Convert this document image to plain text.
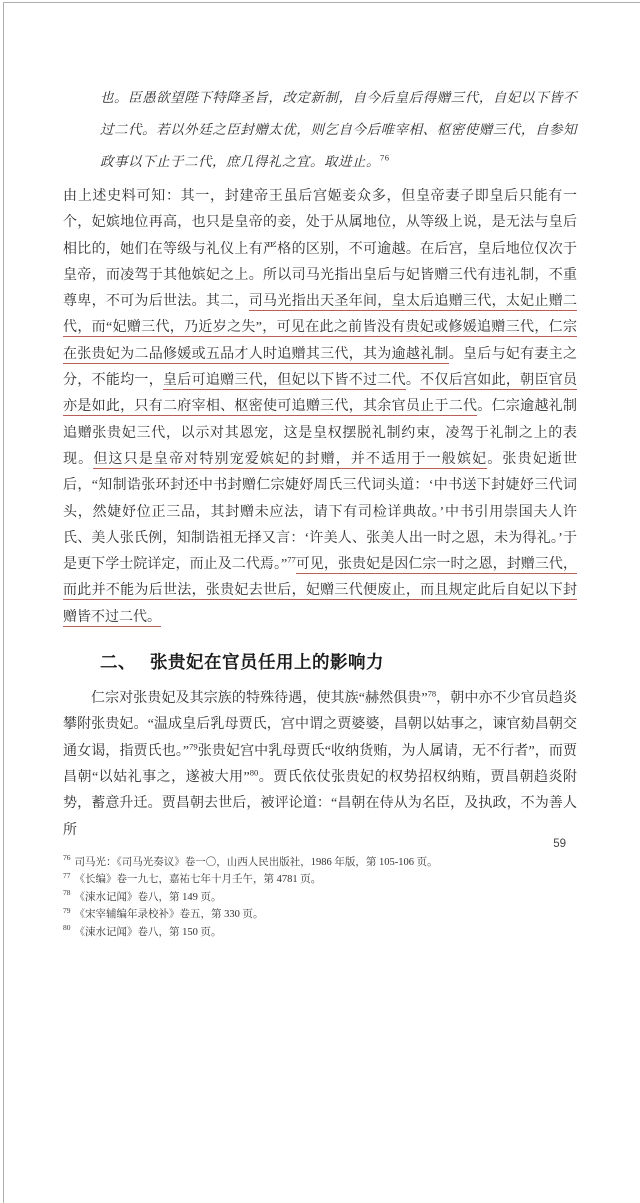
也。臣愚欲望陛下特降圣旨，改定新制，自今后皇后得赠三代，自妃以下皆不过二代。若以外廷之臣封赠太优，则乞自今后唯宰相、枢密使赠三代，自参知政事以下止于二代，庶几得礼之宜。取进止。$^{76}$

由上述史料可知：其一，封建帝王虽后宫姬妾众多，但皇帝妻子即皇后只能有一个，妃嫔地位再高，也只是皇帝的妾，处于从属地位，从等级上说，是无法与皇后相比的，她们在等级与礼仪上有严格的区别，不可逾越。在后宫，皇后地位仅次于皇帝，而凌驾于其他嫔妃之上。所以司马光指出皇后与妃皆赠三代有违礼制，不重尊卑，不可为后世法。其二，司马光指出天圣年间，皇太后追赠三代，太妃止赠二代，而“妃赠三代，乃近岁之失”，可见在此之前皆没有贵妃或修媛追赠三代，仁宗在张贵妃为二品修媛或五品才人时追赠其三代，其为逾越礼制。皇后与妃有妻主之分，不能均一，皇后可追赠三代，但妃以下皆不过二代。不仅后宫如此，朝臣官员亦是如此，只有二府宰相、枢密使可追赠三代，其余官员止于二代。仁宗逾越礼制追赠张贵妃三代，以示对其恩宠，这是皇权摆脱礼制约束，凌驾于礼制之上的表现。但这只是皇帝对特别宠爱嫔妃的封赠，并不适用于一般嫔妃。张贵妃逝世后，“知制诰张环封还中书封赠仁宗婕妤周氏三代词头道：‘中书送下封婕妤三代词头，然婕妤位正三品，其封赠未应法，请下有司检详典故。’中书引用崇国夫人许氏、美人张氏例，知制诰祖无择又言：‘许美人、张美人出一时之恩，未为得礼。’于是更下学士院详定，而止及二代焉。”$^{77}$可见，张贵妃是因仁宗一时之恩，封赠三代，而此并不能为后世法，张贵妃去世后，妃赠三代便废止，而且规定此后自妃以下封赠皆不过二代。

二、 张贵妃在官员任用上的影响力

仁宗对张贵妃及其宗族的特殊待遇，使其族“赫然俱贵”$^{78}$，朝中亦不少官员趋炎攀附张贵妃。“温成皇后乳母贾氏，宫中谓之贾婆婆，昌朝以姑事之，谏官劾昌朝交通女谒，指贾氏也。”$^{79}$张贵妃宫中乳母贾氏“收纳货贿，为人属请，无不行者”，而贾昌朝“以姑礼事之，遂被大用”$^{80}$。贾氏依仗张贵妃的权势招权纳贿，贾昌朝趋炎附势，蓄意升迁。贾昌朝去世后，被评论道：“昌朝在侍从为名臣，及执政，不为善人所

$^{76}$ 司马光：《司马光奏议》卷一〇，山西人民出版社，1986 年版，第 105-106 页。
$^{77}$ 《长编》卷一九七，嘉祐七年十月壬午，第 4781 页。
$^{78}$ 《涑水记闻》卷八，第 149 页。
$^{79}$ 《宋宰辅编年录校补》卷五，第 330 页。
$^{80}$ 《涑水记闻》卷八，第 150 页。
59
